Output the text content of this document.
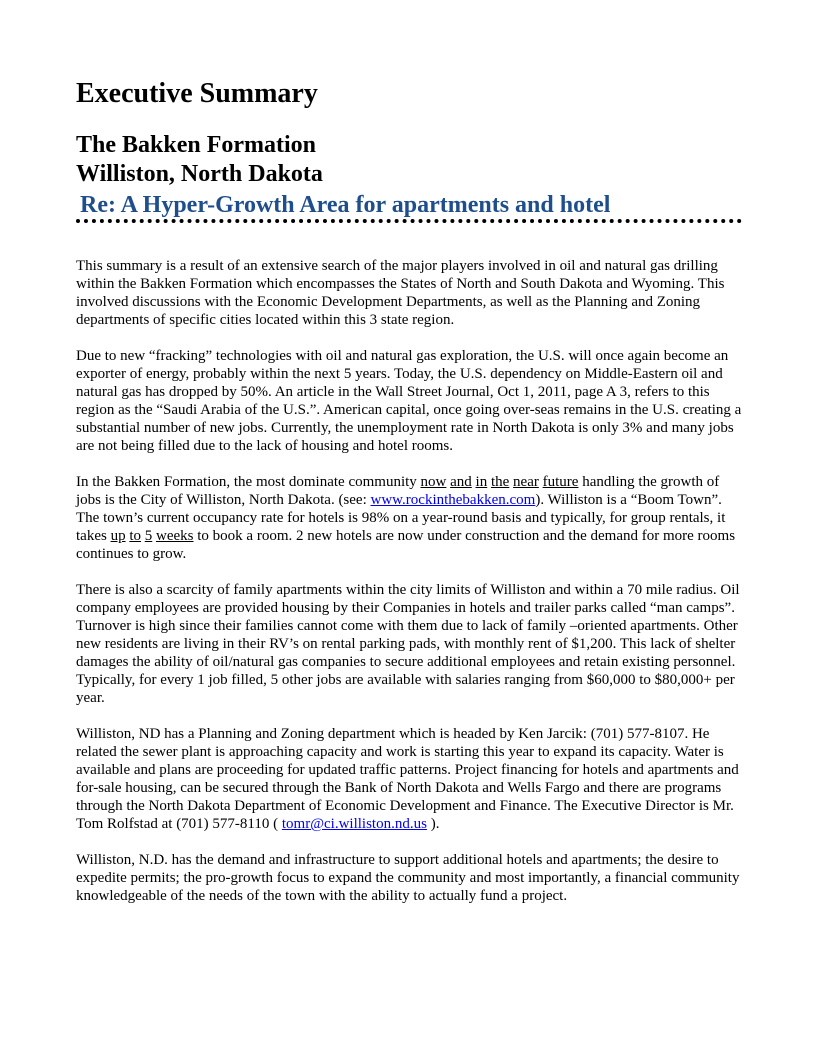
Executive Summary
The Bakken Formation
Williston, North Dakota
Re: A Hyper-Growth Area for apartments and hotel

This summary is a result of an extensive search of the major players involved in oil and natural gas drilling within the Bakken Formation which encompasses the States of North and South Dakota and Wyoming. This involved discussions with the Economic Development Departments, as well as the Planning and Zoning departments of specific cities located within this 3 state region.

Due to new “fracking” technologies with oil and natural gas exploration, the U.S. will once again become an exporter of energy, probably within the next 5 years. Today, the U.S. dependency on Middle-Eastern oil and natural gas has dropped by 50%. An article in the Wall Street Journal, Oct 1, 2011, page A 3, refers to this region as the “Saudi Arabia of the U.S.”. American capital, once going over-seas remains in the U.S. creating a substantial number of new jobs. Currently, the unemployment rate in North Dakota is only 3% and many jobs are not being filled due to the lack of housing and hotel rooms.

In the Bakken Formation, the most dominate community now and in the near future handling the growth of jobs is the City of Williston, North Dakota. (see: www.rockinthebakken.com). Williston is a “Boom Town”. The town’s current occupancy rate for hotels is 98% on a year-round basis and typically, for group rentals, it takes up to 5 weeks to book a room. 2 new hotels are now under construction and the demand for more rooms continues to grow.

There is also a scarcity of family apartments within the city limits of Williston and within a 70 mile radius. Oil company employees are provided housing by their Companies in hotels and trailer parks called “man camps”. Turnover is high since their families cannot come with them due to lack of family –oriented apartments. Other new residents are living in their RV’s on rental parking pads, with monthly rent of $1,200. This lack of shelter damages the ability of oil/natural gas companies to secure additional employees and retain existing personnel. Typically, for every 1 job filled, 5 other jobs are available with salaries ranging from $60,000 to $80,000+ per year.

Williston, ND has a Planning and Zoning department which is headed by Ken Jarcik: (701) 577-8107. He related the sewer plant is approaching capacity and work is starting this year to expand its capacity. Water is available and plans are proceeding for updated traffic patterns. Project financing for hotels and apartments and for-sale housing, can be secured through the Bank of North Dakota and Wells Fargo and there are programs through the North Dakota Department of Economic Development and Finance. The Executive Director is Mr. Tom Rolfstad at (701) 577-8110 ( tomr@ci.williston.nd.us ).

Williston, N.D. has the demand and infrastructure to support additional hotels and apartments; the desire to expedite permits; the pro-growth focus to expand the community and most importantly, a financial community knowledgeable of the needs of the town with the ability to actually fund a project.
